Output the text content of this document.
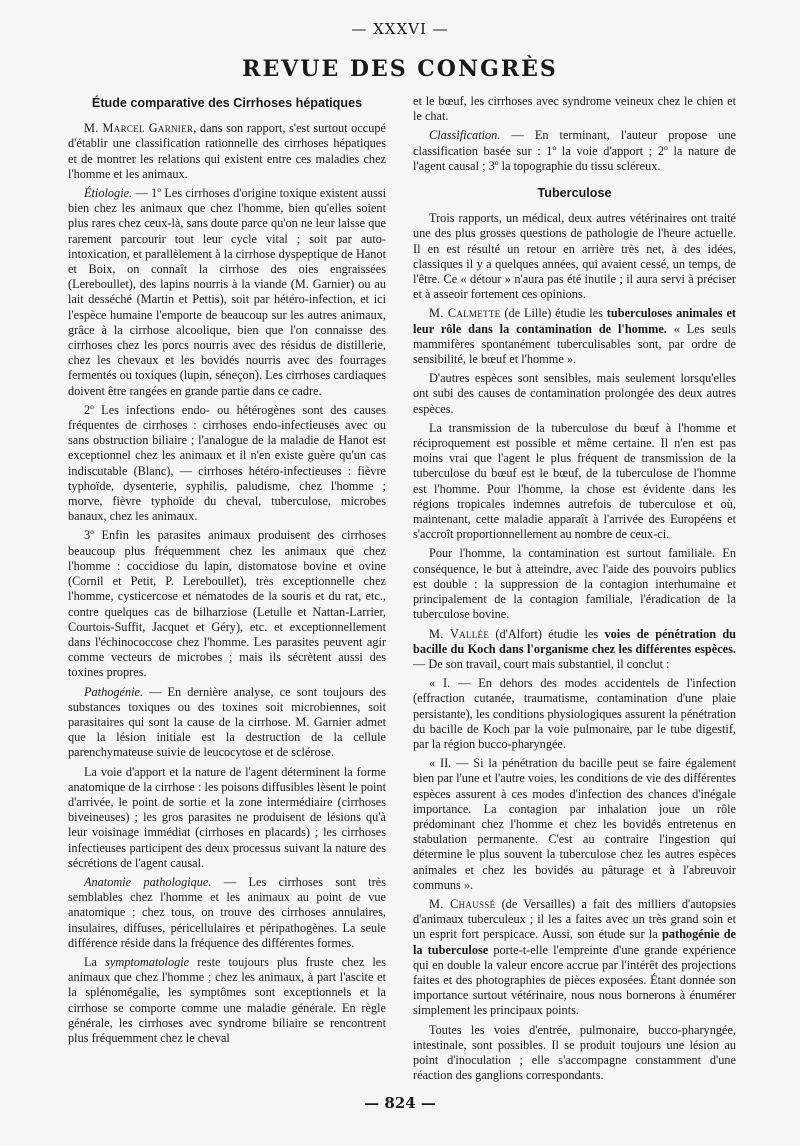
— XXXVI —
REVUE DES CONGRÈS
Étude comparative des Cirrhoses hépatiques

M. Marcel Garnier, dans son rapport, s'est surtout occupé d'établir une classification rationnelle des cirrhoses hépatiques et de montrer les relations qui existent entre ces maladies chez l'homme et les animaux.

Étiologie. — 1º Les cirrhoses d'origine toxique existent aussi bien chez les animaux que chez l'homme, bien qu'elles soient plus rares chez ceux-là, sans doute parce qu'on ne leur laisse que rarement parcourir tout leur cycle vital ; soit par auto-intoxication, et parallèlement à la cirrhose dyspeptique de Hanot et Boix, on connaît la cirrhose des oies engraissées (Lereboullet), des lapins nourris à la viande (M. Garnier) ou au lait desséché (Martin et Pettis), soit par hétéro-infection, et ici l'espèce humaine l'emporte de beaucoup sur les autres animaux, grâce à la cirrhose alcoolique, bien que l'on connaisse des cirrhoses chez les porcs nourris avec des résidus de distillerie, chez les chevaux et les bovidés nourris avec des fourrages fermentés ou toxiques (lupin, séneçon). Les cirrhoses cardiaques doivent être rangées en grande partie dans ce cadre.

2º Les infections endo- ou hétérogènes sont des causes fréquentes de cirrhoses : cirrhoses endo-infectieuses avec ou sans obstruction biliaire ; l'analogue de la maladie de Hanot est exceptionnel chez les animaux et il n'en existe guère qu'un cas indiscutable (Blanc), — cirrhoses hétéro-infectieuses : fièvre typhoïde, dysenterie, syphilis, paludisme, chez l'homme ; morve, fièvre typhoïde du cheval, tuberculose, microbes banaux, chez les animaux.

3º Enfin les parasites animaux produisent des cirrhoses beaucoup plus fréquemment chez les animaux que chez l'homme : coccidiose du lapin, distomatose bovine et ovine (Cornil et Petit, P. Lereboullet), très exceptionnelle chez l'homme, cysticercose et nématodes de la souris et du rat, etc., contre quelques cas de bilharziose (Letulle et Nattan-Larrier, Courtois-Suffit, Jacquet et Géry), etc. et exceptionnellement dans l'échinococcose chez l'homme. Les parasites peuvent agir comme vecteurs de microbes ; mais ils sécrètent aussi des toxines propres.

Pathogénie. — En dernière analyse, ce sont toujours des substances toxiques ou des toxines soit microbiennes, soit parasitaires qui sont la cause de la cirrhose. M. Garnier admet que la lésion initiale est la destruction de la cellule parenchymateuse suivie de leucocytose et de sclérose.

La voie d'apport et la nature de l'agent déterminent la forme anatomique de la cirrhose : les poisons diffusibles lèsent le point d'arrivée, le point de sortie et la zone intermédiaire (cirrhoses biveineuses) ; les gros parasites ne produisent de lésions qu'à leur voisinage immédiat (cirrhoses en placards) ; les cirrhoses infectieuses participent des deux processus suivant la nature des sécrétions de l'agent causal.

Anatomie pathologique. — Les cirrhoses sont très semblables chez l'homme et les animaux au point de vue anatomique ; chez tous, on trouve des cirrhoses annulaires, insulaires, diffuses, péricellulaires et péripathogènes. La seule différence réside dans la fréquence des différentes formes.

La symptomatologie reste toujours plus fruste chez les animaux que chez l'homme ; chez les animaux, à part l'ascite et la splénomégalie, les symptômes sont exceptionnels et la cirrhose se comporte comme une maladie générale. En règle générale, les cirrhoses avec syndrome biliaire se rencontrent plus fréquemment chez le cheval

et le bœuf, les cirrhoses avec syndrome veineux chez le chien et le chat.

Classification. — En terminant, l'auteur propose une classification basée sur : 1º la voie d'apport ; 2º la nature de l'agent causal ; 3º la topographie du tissu scléreux.

Tuberculose

Trois rapports, un médical, deux autres vétérinaires ont traité une des plus grosses questions de pathologie de l'heure actuelle. Il en est résulté un retour en arrière très net, à des idées, classiques il y a quelques années, qui avaient cessé, un temps, de l'être. Ce « détour » n'aura pas été inutile ; il aura servi à préciser et à asseoir fortement ces opinions.

M. Calmette (de Lille) étudie les tuberculoses animales et leur rôle dans la contamination de l'homme. « Les seuls mammifères spontanément tuberculisables sont, par ordre de sensibilité, le bœuf et l'homme ».

D'autres espèces sont sensibles, mais seulement lorsqu'elles ont subi des causes de contamination prolongée des deux autres espèces.

La transmission de la tuberculose du bœuf à l'homme et réciproquement est possible et même certaine. Il n'en est pas moins vrai que l'agent le plus fréquent de transmission de la tuberculose du bœuf est le bœuf, de la tuberculose de l'homme est l'homme. Pour l'homme, la chose est évidente dans les régions tropicales indemnes autrefois de tuberculose et où, maintenant, cette maladie apparaît à l'arrivée des Européens et s'accroît proportionnellement au nombre de ceux-ci.

Pour l'homme, la contamination est surtout familiale. En conséquence, le but à atteindre, avec l'aide des pouvoirs publics est double : la suppression de la contagion interhumaine et principalement de la contagion familiale, l'éradication de la tuberculose bovine.

M. Vallée (d'Alfort) étudie les voies de pénétration du bacille du Koch dans l'organisme chez les différentes espèces. — De son travail, court mais substantiel, il conclut :

« I. — En dehors des modes accidentels de l'infection (effraction cutanée, traumatisme, contamination d'une plaie persistante), les conditions physiologiques assurent la pénétration du bacille de Koch par la voie pulmonaire, par le tube digestif, par la région bucco-pharyngée.

« II. — Si la pénétration du bacille peut se faire également bien par l'une et l'autre voies, les conditions de vie des différentes espèces assurent à ces modes d'infection des chances d'inégale importance. La contagion par inhalation joue un rôle prédominant chez l'homme et chez les bovidés entretenus en stabulation permanente. C'est au contraire l'ingestion qui détermine le plus souvent la tuberculose chez les autres espèces animales et chez les bovidés au pâturage et à l'abreuvoir communs ».

M. Chaussé (de Versailles) a fait des milliers d'autopsies d'animaux tuberculeux ; il les a faites avec un très grand soin et un esprit fort perspicace. Aussi, son étude sur la pathogénie de la tuberculose porte-t-elle l'empreinte d'une grande expérience qui en double la valeur encore accrue par l'intérêt des projections faites et des photographies de pièces exposées. Étant donnée son importance surtout vétérinaire, nous nous bornerons à énumérer simplement les principaux points.

Toutes les voies d'entrée, pulmonaire, bucco-pharyngée, intestinale, sont possibles. Il se produit toujours une lésion au point d'inoculation ; elle s'accompagne constamment d'une réaction des ganglions correspondants.

— 824 —
